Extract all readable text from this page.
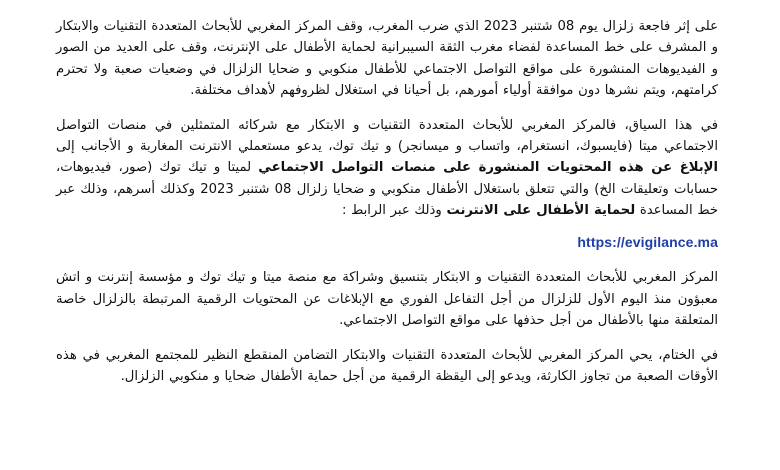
على إثر فاجعة زلزال يوم 08 شتنبر 2023 الذي ضرب المغرب، وقف المركز المغربي للأبحاث المتعددة التقنيات والابتكار و المشرف على خط المساعدة لفضاء مغرب الثقة السيبرانية لحماية الأطفال على الإنترنت، وقف على العديد من الصور و الفيديوهات المنشورة على مواقع التواصل الاجتماعي للأطفال منكوبي و ضحايا الزلزال في وضعيات صعبة ولا تحترم كرامتهم، ويتم نشرها دون موافقة أولياء أمورهم، بل أحيانا في استغلال لظروفهم لأهداف مختلفة.

في هذا السياق، فالمركز المغربي للأبحاث المتعددة التقنيات و الابتكار مع شركائه المتمثلين في منصات التواصل الاجتماعي ميتا (فايسبوك، انستغرام، واتساب و ميسانجر) و تيك توك، يدعو مستعملي الانترنت المغاربة و الأجانب إلى الإبلاغ عن هذه المحتويات المنشورة على منصات التواصل الاجتماعي لميتا و تيك توك (صور، فيديوهات، حسابات وتعليقات الخ) والتي تتعلق باستغلال الأطفال منكوبي و ضحايا زلزال 08 شتنبر 2023 وكذلك أسرهم، وذلك عبر خط المساعدة لحماية الأطفال على الانترنت وذلك عبر الرابط :

https://evigilance.ma

المركز المغربي للأبحاث المتعددة التقنيات و الابتكار بتنسيق وشراكة مع منصة ميتا و تيك توك و مؤسسة إنترنت و اتش معبؤون منذ اليوم الأول للزلزال من أجل التفاعل الفوري مع الإبلاغات عن المحتويات الرقمية المرتبطة بالزلزال خاصة المتعلقة منها بالأطفال من أجل حذفها على مواقع التواصل الاجتماعي.

في الختام، يحي المركز المغربي للأبحاث المتعددة التقنيات والابتكار التضامن المنقطع النظير للمجتمع المغربي في هذه الأوقات الصعبة من تجاوز الكارثة، ويدعو إلى اليقظة الرقمية من أجل حماية الأطفال ضحايا و منكوبي الزلزال.
